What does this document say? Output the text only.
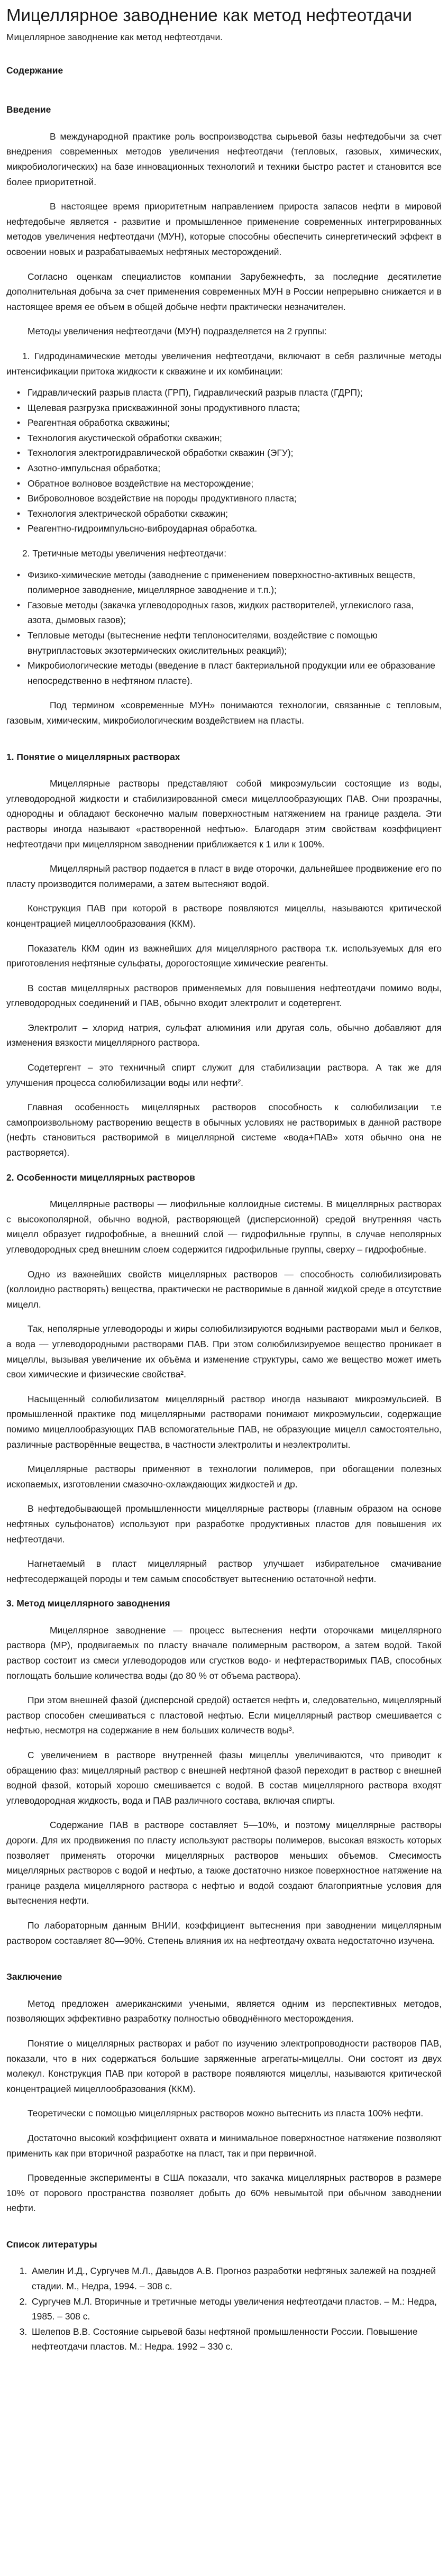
Мицеллярное заводнение как метод нефтеотдачи
Мицеллярное заводнение как метод нефтеотдачи.
Содержание
Введение

В международной практике роль воспроизводства сырьевой базы нефтедобычи за счет внедрения современных методов увеличения нефтеотдачи (тепловых, газовых, химических, микробиологических) на базе инновационных технологий и техники быстро растет и становится все более приоритетной.

В настоящее время приоритетным направлением прироста запасов нефти в мировой нефтедобыче является - развитие и промышленное применение современных интегрированных методов увеличения нефтеотдачи (МУН), которые способны обеспечить синергетический эффект в освоении новых и разрабатываемых нефтяных месторождений.

Согласно оценкам специалистов компании Зарубежнефть, за последние десятилетие дополнительная добыча за счет применения современных МУН в России непрерывно снижается и в настоящее время ее объем в общей добыче нефти практически незначителен.

Методы увеличения нефтеотдачи (МУН) подразделяется на 2 группы:

1. Гидродинамические методы увеличения нефтеотдачи, включают в себя различные методы интенсификации притока жидкости к скважине и их комбинации:

• Гидравлический разрыв пласта (ГРП), Гидравлический разрыв пласта (ГДРП);
• Щелевая разгрузка прискважинной зоны продуктивного пласта;
• Реагентная обработка скважины;
• Технология акустической обработки скважин;
• Технология электрогидравлической обработки скважин (ЭГУ);
• Азотно-импульсная обработка;
• Обратное волновое воздействие на месторождение;
• Виброволновое воздействие на породы продуктивного пласта;
• Технология электрической обработки скважин;
• Реагентно-гидроимпульсно-виброударная обработка.

2. Третичные методы увеличения нефтеотдачи:

• Физико-химические методы (заводнение с применением поверхностно-активных веществ, полимерное заводнение, мицеллярное заводнение и т.п.);
• Газовые методы (закачка углеводородных газов, жидких растворителей, углекислого газа, азота, дымовых газов);
• Тепловые методы (вытеснение нефти теплоносителями, воздействие с помощью внутрипластовых экзотермических окислительных реакций);
• Микробиологические методы (введение в пласт бактериальной продукции или ее образование непосредственно в нефтяном пласте).

Под термином «современные МУН» понимаются технологии, связанные с тепловым, газовым, химическим, микробиологическим воздействием на пласты.

1. Понятие о мицеллярных растворах

Мицеллярные растворы представляют собой микроэмульсии состоящие из воды, углеводородной жидкости и стабилизированной смеси мицеллообразующих ПАВ. Они прозрачны, однородны и обладают бесконечно малым поверхностным натяжением на границе раздела. Эти растворы иногда называют «растворенной нефтью». Благодаря этим свойствам коэффициент нефтеотдачи при мицеллярном заводнении приближается к 1 или к 100%.

Мицеллярный раствор подается в пласт в виде оторочки, дальнейшее продвижение его по пласту производится полимерами, а затем вытесняют водой.

Конструкция ПАВ при которой в растворе появляются мицеллы, называются критической концентрацией мицеллообразования (ККМ).

Показатель ККМ один из важнейших для мицеллярного раствора т.к. используемых для его приготовления нефтяные сульфаты, дорогостоящие химические реагенты.

В состав мицеллярных растворов применяемых для повышения нефтеотдачи помимо воды, углеводородных соединений и ПАВ, обычно входит электролит и содетергент.

Электролит – хлорид натрия, сульфат алюминия или другая соль, обычно добавляют для изменения вязкости мицеллярного раствора.

Содетергент – это техничный спирт служит для стабилизации раствора. А так же для улучшения процесса солюбилизации воды или нефти².

Главная особенность мицеллярных растворов способность к солюбилизации т.е самопроизвольному растворению веществ в обычных условиях не растворимых в данной растворе (нефть становиться растворимой в мицеллярной системе «вода+ПАВ» хотя обычно она не растворяется).

2. Особенности мицеллярных растворов

Мицеллярные растворы — лиофильные коллоидные системы. В мицеллярных растворах с высокополярной, обычно водной, растворяющей (дисперсионной) средой внутренняя часть мицелл образует гидрофобные, а внешний слой — гидрофильные группы, в случае неполярных углеводородных сред внешним слоем содержится гидрофильные группы, сверху – гидрофобные.

Одно из важнейших свойств мицеллярных растворов — способность солюбилизировать (коллоидно растворять) вещества, практически не растворимые в данной жидкой среде в отсутствие мицелл.

Так, неполярные углеводороды и жиры солюбилизируются водными растворами мыл и белков, а вода — углеводородными растворами ПАВ. При этом солюбилизируемое вещество проникает в мицеллы, вызывая увеличение их объёма и изменение структуры, само же вещество может иметь свои химические и физические свойства².

Насыщенный солюбилизатом мицеллярный раствор иногда называют микроэмульсией. В промышленной практике под мицеллярными растворами понимают микроэмульсии, содержащие помимо мицеллообразующих ПАВ вспомогательные ПАВ, не образующие мицелл самостоятельно, различные растворённые вещества, в частности электролиты и неэлектролиты.

Мицеллярные растворы применяют в технологии полимеров, при обогащении полезных ископаемых, изготовлении смазочно-охлаждающих жидкостей и др.

В нефтедобывающей промышленности мицеллярные растворы (главным образом на основе нефтяных сульфонатов) используют при разработке продуктивных пластов для повышения их нефтеотдачи.

Нагнетаемый в пласт мицеллярный раствор улучшает избирательное смачивание нефтесодержащей породы и тем самым способствует вытеснению остаточной нефти.

3. Метод мицеллярного заводнения

Мицеллярное заводнение — процесс вытеснения нефти оторочками мицеллярного раствора (МР), продвигаемых по пласту вначале полимерным раствором, а затем водой. Такой раствор состоит из смеси углеводородов или сгустков водо- и нефтерастворимых ПАВ, способных поглощать большие количества воды (до 80 % от объема раствора).

При этом внешней фазой (дисперсной средой) остается нефть и, следовательно, мицеллярный раствор способен смешиваться с пластовой нефтью. Если мицеллярный раствор смешивается с нефтью, несмотря на содержание в нем больших количеств воды³.

С увеличением в растворе внутренней фазы мицеллы увеличиваются, что приводит к обращению фаз: мицеллярный раствор с внешней нефтяной фазой переходит в раствор с внешней водной фазой, который хорошо смешивается с водой. В состав мицеллярного раствора входят углеводородная жидкость, вода и ПАВ различного состава, включая спирты.

Содержание ПАВ в растворе составляет 5—10%, и поэтому мицеллярные растворы дороги. Для их продвижения по пласту используют растворы полимеров, высокая вязкость которых позволяет применять оторочки мицеллярных растворов меньших объемов. Смесимость мицеллярных растворов с водой и нефтью, а также достаточно низкое поверхностное натяжение на границе раздела мицеллярного раствора с нефтью и водой создают благоприятные условия для вытеснения нефти.

По лабораторным данным ВНИИ, коэффициент вытеснения при заводнении мицеллярным раствором составляет 80—90%. Степень влияния их на нефтеотдачу охвата недостаточно изучена.

Заключение

Метод предложен американскими учеными, является одним из перспективных методов, позволяющих эффективно разработку полностью обводнённого месторождения.

Понятие о мицеллярных растворах и работ по изучению электропроводности растворов ПАВ, показали, что в них содержаться большие заряженные агрегаты-мицеллы. Они состоят из двух молекул. Конструкция ПАВ при которой в растворе появляются мицеллы, называются критической концентрацией мицеллообразования (ККМ).

Теоретически с помощью мицеллярных растворов можно вытеснить из пласта 100% нефти.

Достаточно высокий коэффициент охвата и минимальное поверхностное натяжение позволяют применить как при вторичной разработке на пласт, так и при первичной.

Проведенные эксперименты в США показали, что закачка мицеллярных растворов в размере 10% от порового пространства позволяет добыть до 60% невымытой при обычном заводнении нефти.

Список литературы
1. Амелин И.Д., Сургучев М.Л., Давыдов А.В. Прогноз разработки нефтяных залежей на поздней стадии. М., Недра, 1994. – 308 с.
2. Сургучев М.Л. Вторичные и третичные методы увеличения нефтеотдачи пластов. – М.: Недра, 1985. – 308 с.
3. Шелепов В.В. Состояние сырьевой базы нефтяной промышленности России. Повышение нефтеотдачи пластов. М.: Недра. 1992 – 330 с.
